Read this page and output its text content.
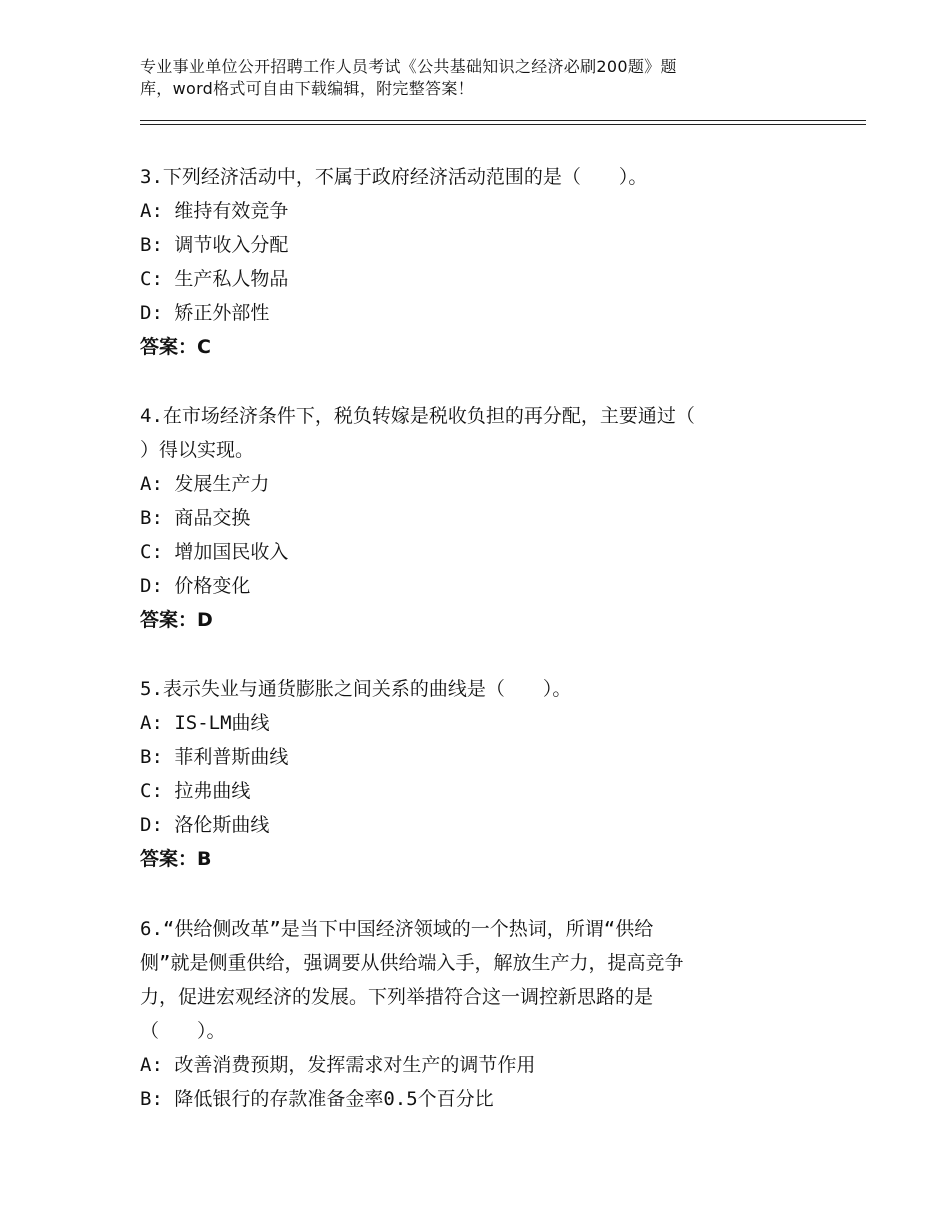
专业事业单位公开招聘工作人员考试《公共基础知识之经济必刷200题》题
库，word格式可自由下载编辑，附完整答案！
3.下列经济活动中，不属于政府经济活动范围的是（　　）。
A: 维持有效竞争
B: 调节收入分配
C: 生产私人物品
D: 矫正外部性
答案：C
4.在市场经济条件下，税负转嫁是税收负担的再分配，主要通过（
）得以实现。
A: 发展生产力
B: 商品交换
C: 增加国民收入
D: 价格变化
答案：D
5.表示失业与通货膨胀之间关系的曲线是（　　）。
A: IS-LM曲线
B: 菲利普斯曲线
C: 拉弗曲线
D: 洛伦斯曲线
答案：B
6.“供给侧改革”是当下中国经济领域的一个热词，所谓“供给
侧”就是侧重供给，强调要从供给端入手，解放生产力，提高竞争
力，促进宏观经济的发展。下列举措符合这一调控新思路的是
（　　）。
A: 改善消费预期，发挥需求对生产的调节作用
B: 降低银行的存款准备金率0.5个百分比
